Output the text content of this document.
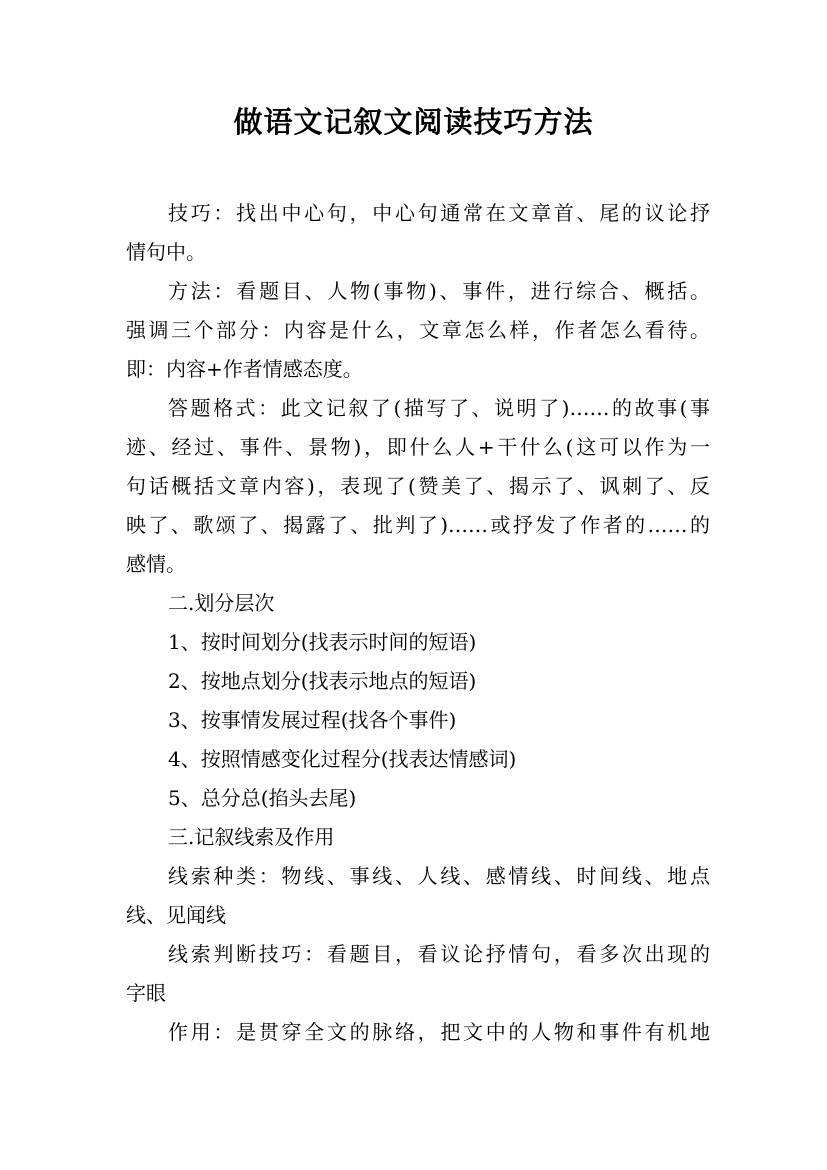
做语文记叙文阅读技巧方法
技巧：找出中心句，中心句通常在文章首、尾的议论抒
情句中。
方法：看题目、人物(事物)、事件，进行综合、概括。
强调三个部分：内容是什么，文章怎么样，作者怎么看待。
即：内容+作者情感态度。
答题格式：此文记叙了(描写了、说明了)……的故事(事
迹、经过、事件、景物)，即什么人+干什么(这可以作为一
句话概括文章内容)，表现了(赞美了、揭示了、讽刺了、反
映了、歌颂了、揭露了、批判了)……或抒发了作者的……的
感情。
二.划分层次
1、按时间划分(找表示时间的短语)
2、按地点划分(找表示地点的短语)
3、按事情发展过程(找各个事件)
4、按照情感变化过程分(找表达情感词)
5、总分总(掐头去尾)
三.记叙线索及作用
线索种类：物线、事线、人线、感情线、时间线、地点
线、见闻线
线索判断技巧：看题目，看议论抒情句，看多次出现的
字眼
作用：是贯穿全文的脉络，把文中的人物和事件有机地
